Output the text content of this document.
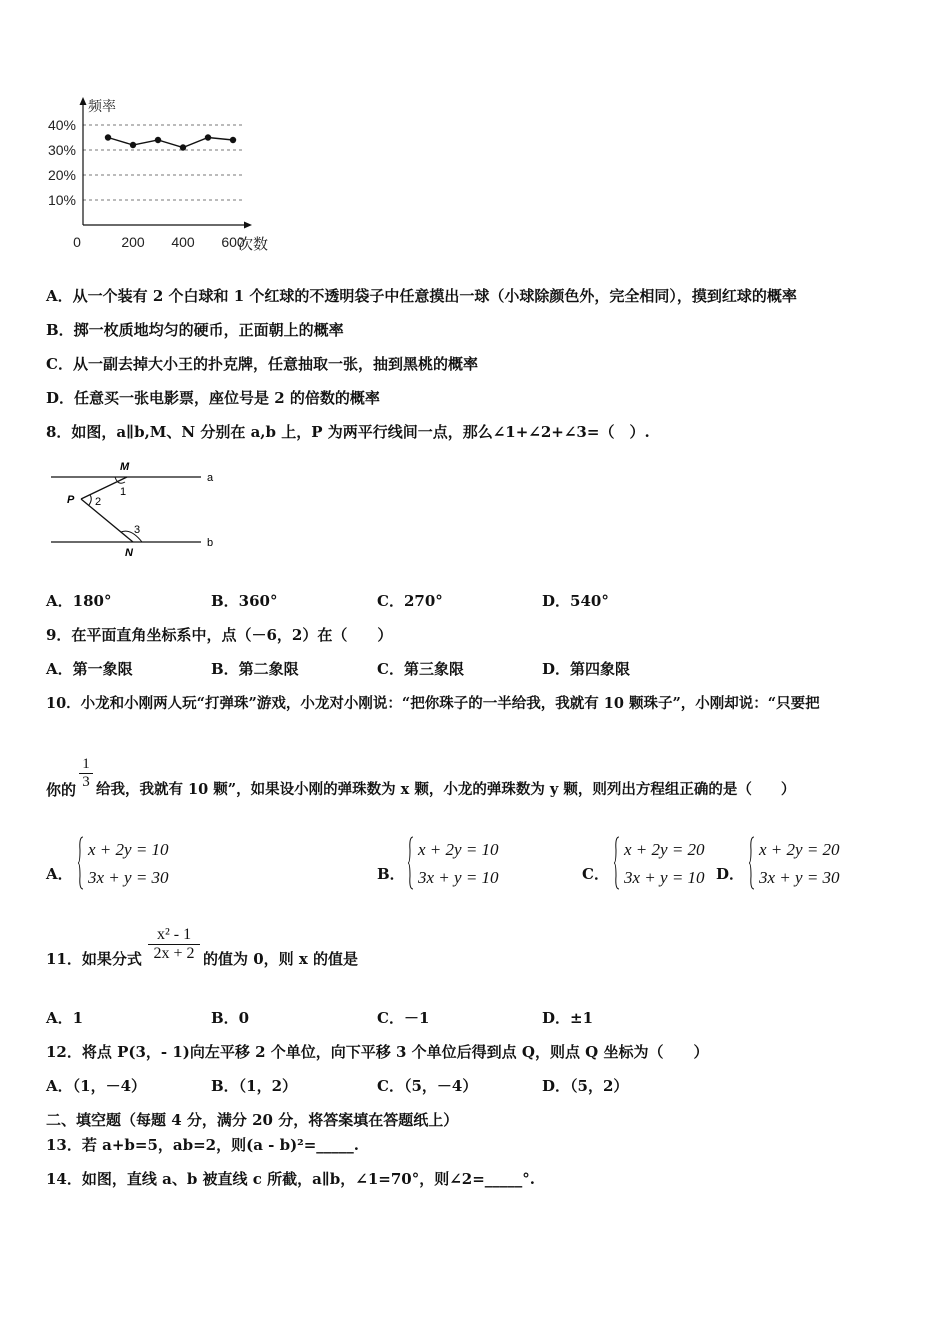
频率
次数
40%
30%
20%
10%
0	200 400 600
A．从一个装有 2 个白球和 1 个红球的不透明袋子中任意摸出一球（小球除颜色外，完全相同），摸到红球的概率
B．掷一枚质地均匀的硬币，正面朝上的概率
C．从一副去掉大小王的扑克牌，任意抽取一张，抽到黑桃的概率
D．任意买一张电影票，座位号是 2 的倍数的概率
8．如图，a∥b,M、N 分别在 a,b 上，P 为两平行线间一点，那么∠1+∠2+∠3=（　）.
M
N
P
a
b
1
2
3
A．180°	B．360°	C．270°	D．540°
9．在平面直角坐标系中，点（－6，2）在（　　）
A．第一象限	B．第二象限	C．第三象限	D．第四象限
10．小龙和小刚两人玩“打弹珠”游戏，小龙对小刚说：“把你珠子的一半给我，我就有 10 颗珠子”，小刚却说：“只要把
你的
1
3 给我，我就有 10 颗”，如果设小刚的弹珠数为 x 颗，小龙的弹珠数为 y 颗，则列出方程组正确的是（　　）
A．
x + 2y = 10
3x + y = 30	B．
x + 2y = 10
3x + y = 10	C．
x + 2y = 20
3x + y = 10 D．
x + 2y = 20
3x + y = 30
11．如果分式
x² - 1
2x + 2 的值为 0，则 x 的值是
A．1	B．0	C．－1	D．±1
12．将点 P(3，- 1)向左平移 2 个单位，向下平移 3 个单位后得到点 Q，则点 Q 坐标为（　　）
A．（1，－4）	B．（1，2）	C．（5，－4）	D．（5，2）
二、填空题（每题 4 分，满分 20 分，将答案填在答题纸上）
13．若 a+b=5，ab=2，则(a - b)²=_____.
14．如图，直线 a、b 被直线 c 所截，a∥b，∠1=70°，则∠2=_____°.
